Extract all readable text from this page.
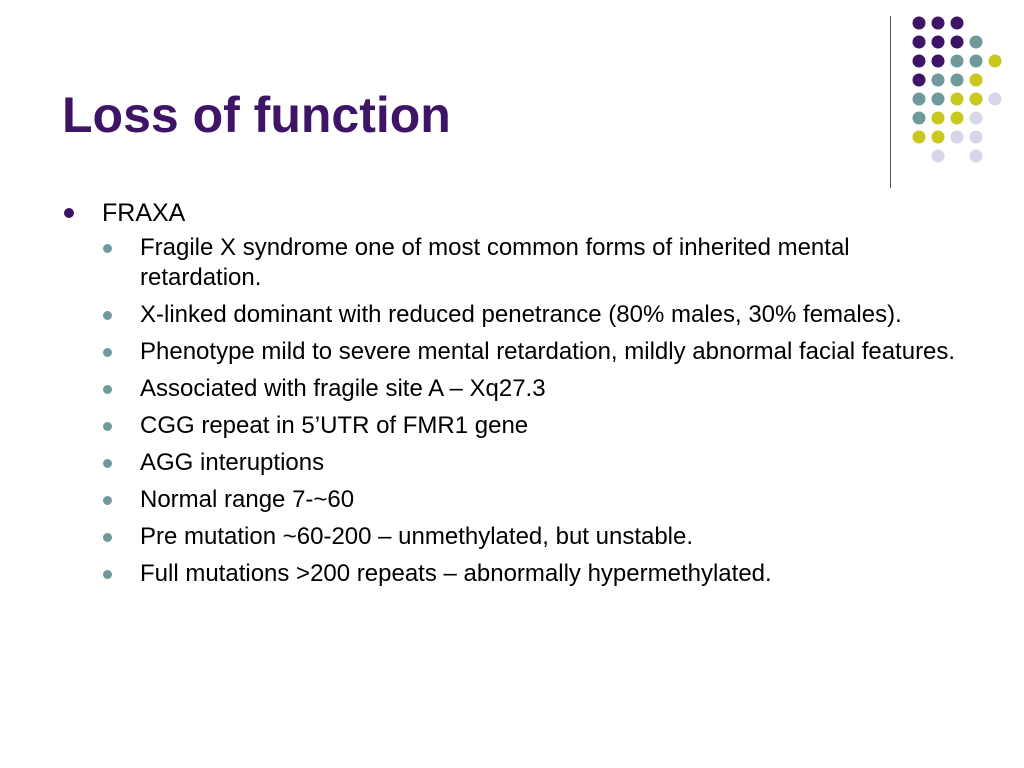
Loss of function
FRAXA
Fragile X syndrome one of most common forms of inherited mental retardation.
X-linked dominant with reduced penetrance (80% males, 30% females).
Phenotype mild to severe mental retardation, mildly abnormal facial features.
Associated with fragile site A – Xq27.3
CGG repeat in 5’UTR of FMR1 gene
AGG interuptions
Normal range 7-~60
Pre mutation ~60-200 – unmethylated, but unstable.
Full mutations >200 repeats – abnormally hypermethylated.
